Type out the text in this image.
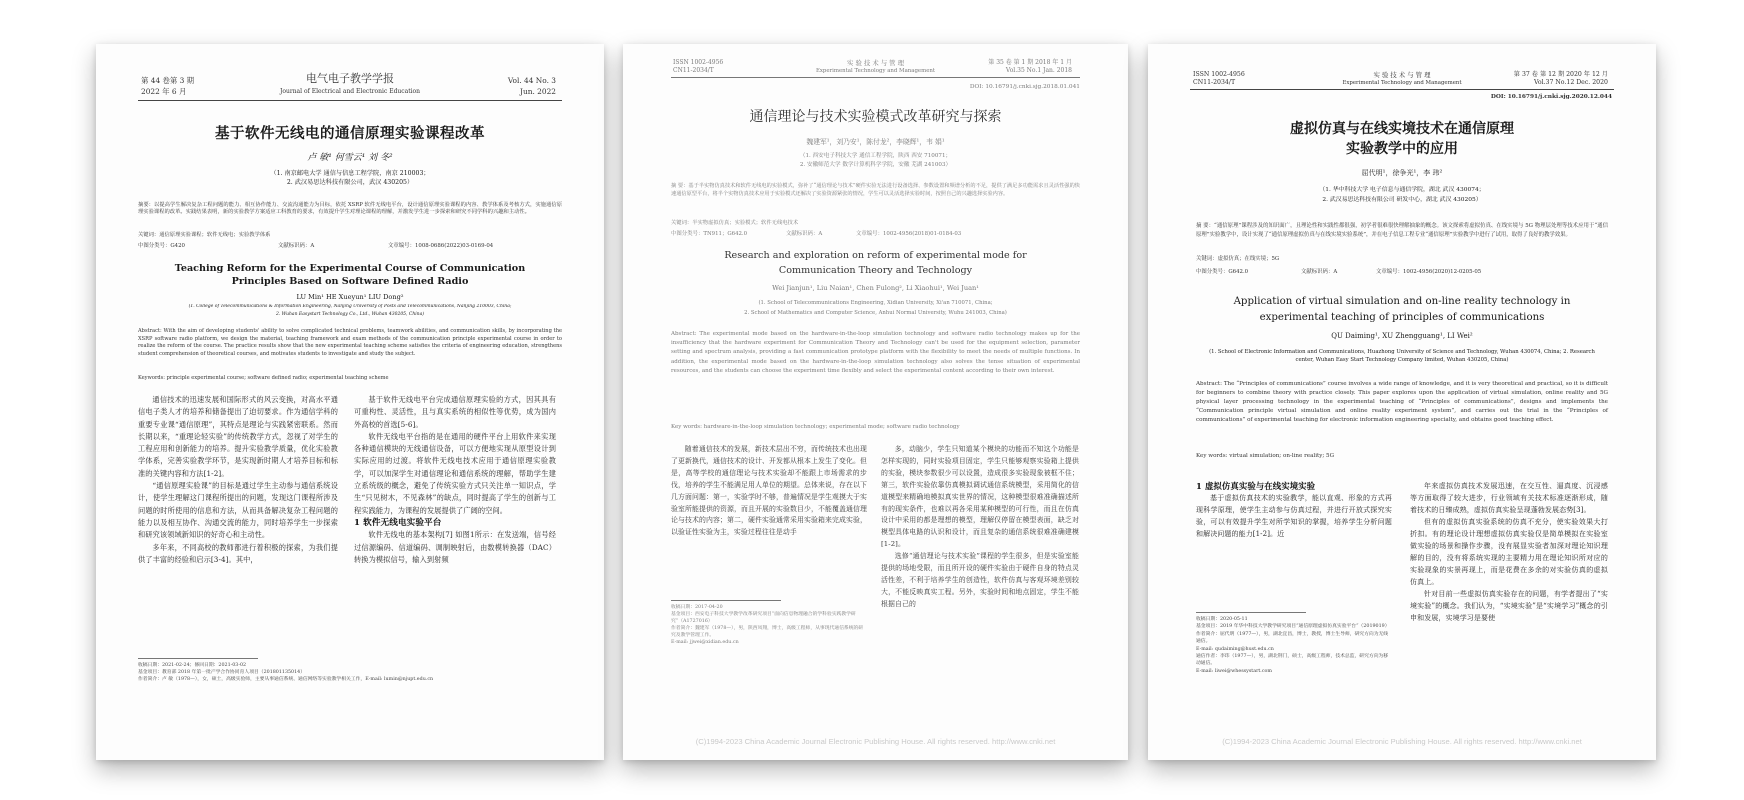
第 44 卷第 3 期
2022 年 6 月
电气电子教学学报
Journal of Electrical and Electronic Education
Vol. 44 No. 3
Jun. 2022
基于软件无线电的通信原理实验课程改革
卢 敏¹ 何雪云¹ 刘 冬²
（1. 南京邮电大学 通信与信息工程学院，南京 210003；
2. 武汉易思达科技有限公司，武汉 430205）
摘要：以提高学生解决复杂工程问题的能力、相互协作能力、交流沟通能力为目标，依托 XSRP 软件无线电平台，设计通信原理实验课程的内容、教学体系及考核方式，实施通信原理实验课程的改革。实践结果表明，新的实验教学方案适应工科教育的要求，有效提升学生对理论课程的理解，并激发学生进一步探索和研究不同学科的兴趣和主动性。
关键词：通信原理实验课程；软件无线电；实验教学体系
中图分类号：G420	文献标识码：A	文章编号：1008-0686(2022)03-0169-04
Teaching Reform for the Experimental Course of Communication Principles Based on Software Defined Radio
LU Min¹ HE Xueyun¹ LIU Dong²
(1. College of Telecommunications & Information Engineering, Nanjing University of Posts and Telecommunications, Nanjing 210003, China;
2. Wuhan Easystart Technology Co., Ltd., Wuhan 430205, China)
Abstract: With the aim of developing students' ability to solve complicated technical problems, teamwork abilities, and communication skills, by incorporating the XSRP software radio platform, we design the material, teaching framework and exam methods of the communication principle experimental course in order to realize the reform of the course. The practice results show that the new experimental teaching scheme satisfies the criteria of engineering education, strengthens student comprehension of theoretical courses, and motivates students to investigate and study the subject.
Keywords: principle experimental course; software defined radio; experimental teaching scheme

通信技术的迅速发展和国际形式的风云变换，对高水平通信电子类人才的培养和储备提出了迫切要求。作为通信学科的重要专业课“通信原理”，其特点是理论与实践紧密联系。然而长期以来，“重理论轻实验”的传统教学方式，忽视了对学生的工程应用和创新能力的培养。提升实验教学质量，优化实验教学体系，完善实验教学环节，是实现新时期人才培养目标和标准的关键内容和方法[1-2]。

“通信原理实验课”的目标是通过学生主动参与通信系统设计，使学生理解这门课程所提出的问题，发现这门课程所涉及问题的时所使用的信息和方法，从而具备解决复杂工程问题的能力以及相互协作、沟通交流的能力，同时培养学生一步探索和研究该领域新知识的好奇心和主动性。

多年来，不同高校的教师都进行着积极的探索，为我们提供了丰富的经验和启示[3-4]。其中，

基于软件无线电平台完成通信原理实验的方式，因其具有可重构性、灵活性，且与真实系统的相似性等优势，成为国内外高校的首选[5-6]。

软件无线电平台指的是在通用的硬件平台上用软件来实现各种通信模块的无线通信设备，可以方便地实现从原型设计到实际应用的过渡。将软件无线电技术应用于通信原理实验教学，可以加深学生对通信理论和通信系统的理解，帮助学生建立系统级的概念，避免了传统实验方式只关注单一知识点，学生“只见树木，不见森林”的缺点，同时提高了学生的创新与工程实践能力，为课程的发展提供了广阔的空间。

1 软件无线电实验平台

软件无线电的基本架构[7] 如图1所示：在发送端，信号经过信源编码、信道编码、调制映射后，由数模转换器（DAC）转换为模拟信号，输入到射频

收稿日期：2021-02-24；修回日期：2021-03-02
基金项目：教育部 2018 年第一批产学合作协同育人项目（201801135014）
作者简介：卢 敏（1978—），女，硕士，高级实验师，主要从事通信系统、通信网络等实验教学相关工作，E-mail: lumin@njupt.edu.cn
ISSN 1002-4956
CN11-2034/T
实 验 技 术 与 管 理
Experimental Technology and Management
第 35 卷 第 1 期 2018 年 1 月
Vol.35 No.1 Jan. 2018
DOI: 10.16791/j.cnki.sjg.2018.01.041
通信理论与技术实验模式改革研究与探索
魏建军¹，刘乃安¹，陈付龙²，李晓辉¹，韦 娟¹
（1. 西安电子科技大学 通信工程学院，陕西 西安 710071；
2. 安徽师范大学 数学计算机科学学院，安徽 芜湖 241003）
摘 要：基于半实物仿真技术和软件无线电的实验模式，弥补了“通信理论与技术”硬件实验无法进行设备选择、参数设置和频谱分析的不足，提供了满足多功能需求且灵活性强的快速通信原型平台，将半个实物仿真技术应用于实验模式还解决了实验资源紧张的情况，学生可以灵活选择实验时间，按照自己的兴趣选择实验内容。
关键词：半实物虚拟仿真；实验模式；软件无线电技术
中图分类号：TN911；G642.0	文献标识码：A	文章编号：1002-4956(2018)01-0184-03
Research and exploration on reform of experimental mode for Communication Theory and Technology
Wei Jianjun¹, Liu Naian¹, Chen Fulong², Li Xiaohui¹, Wei Juan¹
(1. School of Telecommunications Engineering, Xidian University, Xi'an 710071, China;
2. School of Mathematics and Computer Science, Anhui Normal University, Wuhu 241003, China)
Abstract: The experimental mode based on the hardware-in-the-loop simulation technology and software radio technology makes up for the insufficiency that the hardware experiment for Communication Theory and Technology can't be used for the equipment selection, parameter setting and spectrum analysis, providing a fast communication prototype platform with the flexibility to meet the needs of multiple functions. In addition, the experimental mode based on the hardware-in-the-loop simulation technology also solves the tense situation of experimental resources, and the students can choose the experiment time flexibly and select the experimental content according to their own interest.
Key words: hardware-in-the-loop simulation technology; experimental mode; software radio technology

随着通信技术的发展，新技术层出不穷，而传统技术也出现了更新换代，通信技术的设计、开发都从根本上发生了变化。但是，高等学校的通信理论与技术实验却不能跟上市场需求的步伐，培养的学生不能满足用人单位的期望。总体来说，存在以下几方面问题：第一，实验学时不够，普遍情况是学生观摸大于实验室所能提供的资源，而且开展的实验数目少，不能覆盖通信理论与技术的内容；第二，硬件实验通常采用实验箱来完成实验，以验证性实验为主，实验过程往往是动手

多，动脑少，学生只知道某个模块的功能而不知这个功能是怎样实现的，同时实验项目固定，学生只能够观察实验箱上提供的实验，模块参数很少可以设置，造成很多实验现象被框不住；第三，软件实验依靠仿真模拟调试通信系统模型，采用简化的信道模型来精确地模拟真实世界的情况，这种模型很难准确描述所有的现实条件，也难以再各采用某种模型的可行性，而且在仿真设计中采用的都是理想的模型，理解仅停留在模型表面，缺乏对模型具体电路的认识和设计，而且复杂的通信系统很难准确建模[1-2]。

选修“通信理论与技术实验”课程的学生很多，但是实验室能提供的场地受限，而且所开设的硬件实验由于硬件自身的特点灵活性差，不利于培养学生的创造性，软件仿真与客观环境差别较大，不能反映真实工程。另外，实验时间和地点固定，学生不能根据自己的

收稿日期：2017-04-20
基金项目：西安电子科技大学教学改革研究项目“面向信息物理融合的学科验实践教学研究”（A1727016）
作者简介：魏建军（1978—），男，陕西凤翔，博士，高级工程师，从事现代通信系统的研究及教学管理工作。
E-mail: jjwei@xidian.edu.cn
(C)1994-2023 China Academic Journal Electronic Publishing House. All rights reserved. http://www.cnki.net
ISSN 1002-4956
CN11-2034/T
实 验 技 术 与 管 理
Experimental Technology and Management
第 37 卷 第 12 期 2020 年 12 月
Vol.37 No.12 Dec. 2020
DOI: 10.16791/j.cnki.sjg.2020.12.044
虚拟仿真与在线实境技术在通信原理
实验教学中的应用
屈代明¹，徐争光¹，李 玮²
（1. 华中科技大学 电子信息与通信学院，湖北 武汉 430074；
2. 武汉易思达科技有限公司 研发中心，湖北 武汉 430205）
摘 要：“通信原理”课程涉及的知识面广，且理论性和实践性都很强，初学者很难很快理解抽象的概念。该文探索将虚拟仿真、在线实境与 5G 物理层处理等技术应用于“通信原理”实验教学中，设计实现了“通信原理虚拟仿真与在线实境实验系统”，并在电子信息工程专业“通信原理”实验教学中进行了试用，取得了良好的教学效果。
关键词：虚拟仿真；在线实境；5G
中图分类号：G642.0	文献标识码：A	文章编号：1002-4956(2020)12-0205-05
Application of virtual simulation and on-line reality technology in experimental teaching of principles of communications
QU Daiming¹, XU Zhengguang¹, LI Wei²
(1. School of Electronic Information and Communications, Huazhong University of Science and Technology, Wuhan 430074, China; 2. Research center, Wuhan Easy Start Technology Company limited, Wuhan 430205, China)
Abstract: The “Principles of communications” course involves a wide range of knowledge, and it is very theoretical and practical, so it is difficult for beginners to combine theory with practice closely. This paper explores upon the application of virtual simulation, online reality and 5G physical layer processing technology in the experimental teaching of “Principles of communications”, designs and implements the “Communication principle virtual simulation and online reality experiment system”, and carries out the trial in the “Principles of communications” of experimental teaching for electronic information engineering specialty, and obtains good teaching effect.
Key words: virtual simulation; on-line reality; 5G

1 虚拟仿真实验与在线实境实验

基于虚拟仿真技术的实验教学，能以直观、形象的方式再现科学原理，使学生主动参与仿真过程，并进行开放式探究实验，可以有效提升学生对所学知识的掌握，培养学生分析问题和解决问题的能力[1-2]。近

年来虚拟仿真技术发展迅速，在交互性、逼真度、沉浸感等方面取得了较大进步，行业领域有关技术标准逐渐形成，随着技术的日臻成熟，虚拟仿真实验呈现蓬勃发展态势[3]。

但有的虚拟仿真实验系统的仿真不充分，使实验效果大打折扣。有的理论设计理想虚拟仿真实验仅是简单模拟在实验室做实验的场景和操作步骤，没有展显实验者加深对理论知识理解的目的，没有将系统实现的主要精力用在理论知识所对应的实验现象的实景再现上，而是花费在多余的对实验仿真的虚拟仿真上。

针对目前一些虚拟仿真实验存在的问题，有学者提出了“实境实验”的概念。我们认为，“实境实验”是“实境学习”概念的引申和发展，实境学习是要使

收稿日期：2020-05-11
基金项目：2019 年华中科技大学教学研究项目“通信原理虚拟仿真实验平台”（2019019）
作者简介：屈代明（1977—），男，湖北宜昌，博士，教授，博士生导师，研究方向为无线通信。
E-mail: qudaiming@hust.edu.cn
通信作者：李玮（1977—），男，湖北荆门，硕士，高级工程师，技术总监，研究方向为移动通信。
E-mail: liwei@whessystart.com
(C)1994-2023 China Academic Journal Electronic Publishing House. All rights reserved. http://www.cnki.net
